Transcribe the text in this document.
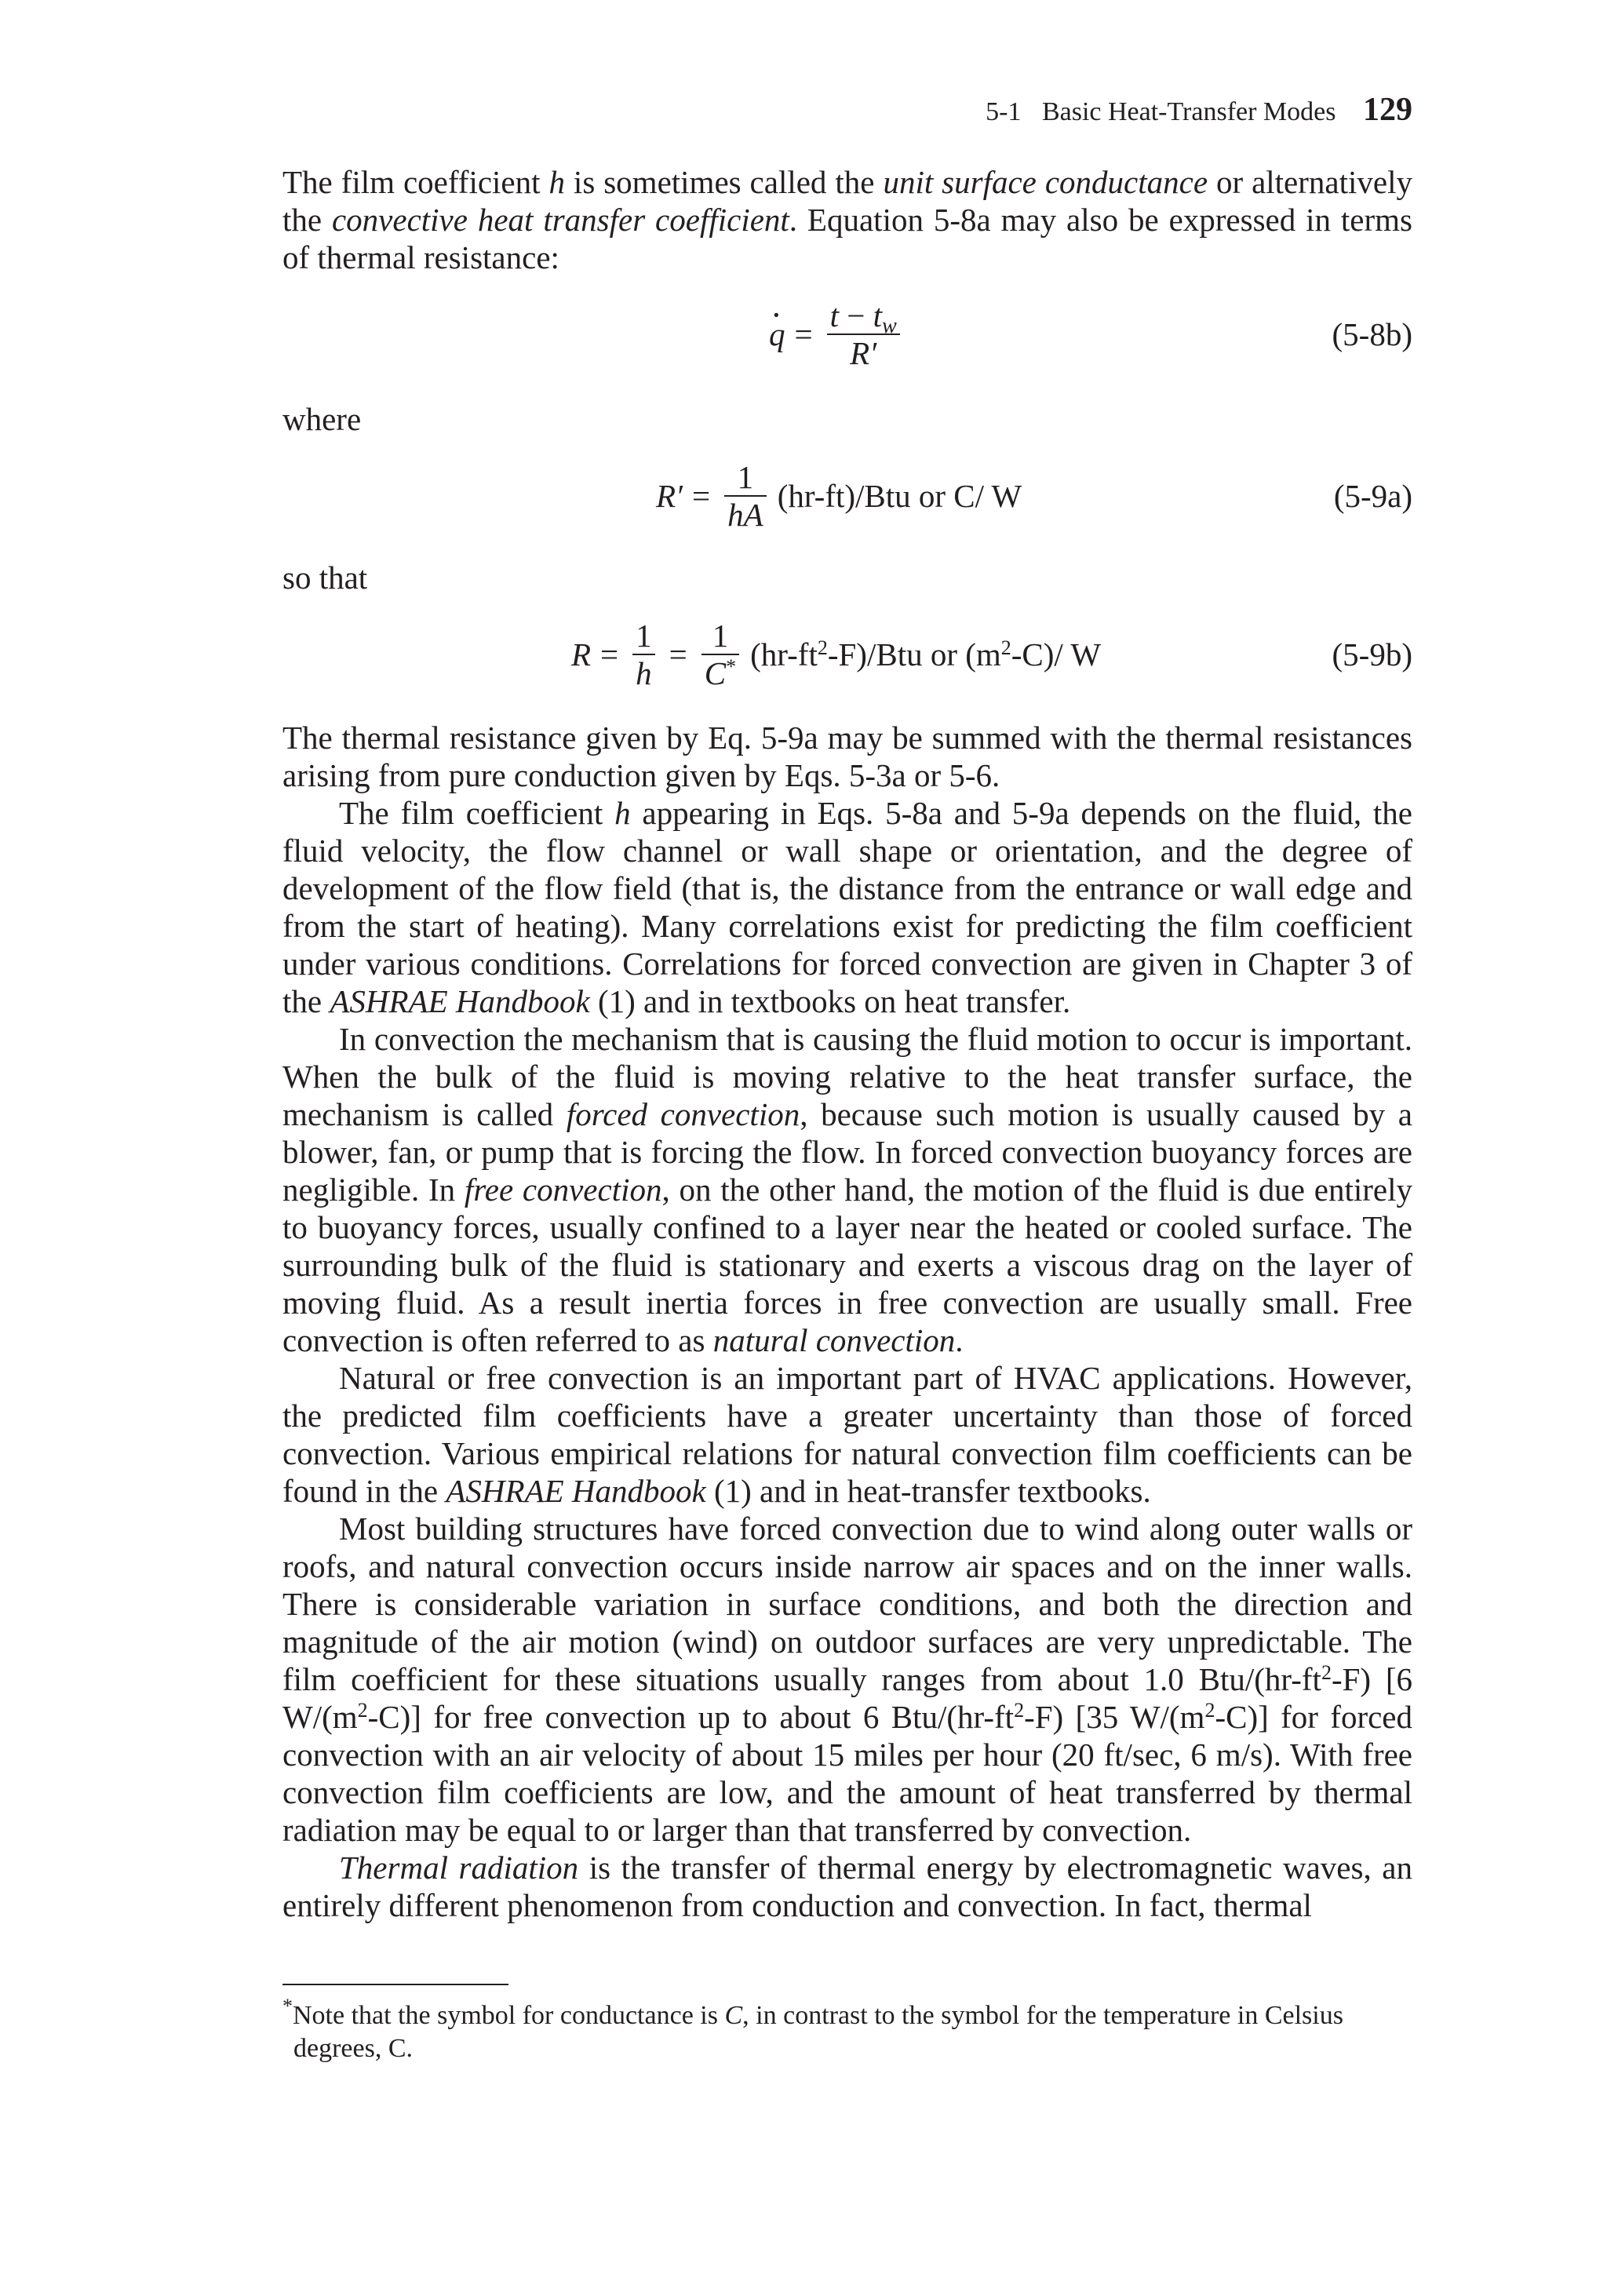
5-1 Basic Heat-Transfer Modes 129

The film coefficient h is sometimes called the unit surface conductance or alternatively the convective heat transfer coefficient. Equation 5-8a may also be expressed in terms of thermal resistance:

· $q = \frac{t - t_w}{R'}$	(5-8b)
where
$R' = \frac{1}{hA} (hr-ft)/Btu$ or C/ W	(5-9a)
so that
$R = \frac{1}{h} = \frac{1}{C^*} (hr-ft^2-F)/Btu$ or $(m^2-C)/$ W	(5-9b)

The thermal resistance given by Eq. 5-9a may be summed with the thermal resistances arising from pure conduction given by Eqs. 5-3a or 5-6.

The film coefficient h appearing in Eqs. 5-8a and 5-9a depends on the fluid, the fluid velocity, the flow channel or wall shape or orientation, and the degree of development of the flow field (that is, the distance from the entrance or wall edge and from the start of heating). Many correlations exist for predicting the film coefficient under various conditions. Correlations for forced convection are given in Chapter 3 of the ASHRAE Handbook (1) and in textbooks on heat transfer.

In convection the mechanism that is causing the fluid motion to occur is important. When the bulk of the fluid is moving relative to the heat transfer surface, the mechanism is called forced convection, because such motion is usually caused by a blower, fan, or pump that is forcing the flow. In forced convection buoyancy forces are negligible. In free convection, on the other hand, the motion of the fluid is due entirely to buoyancy forces, usually confined to a layer near the heated or cooled surface. The surrounding bulk of the fluid is stationary and exerts a viscous drag on the layer of moving fluid. As a result inertia forces in free convection are usually small. Free convection is often referred to as natural convection.

Natural or free convection is an important part of HVAC applications. However, the predicted film coefficients have a greater uncertainty than those of forced convection. Various empirical relations for natural convection film coefficients can be found in the ASHRAE Handbook (1) and in heat-transfer textbooks.

Most building structures have forced convection due to wind along outer walls or roofs, and natural convection occurs inside narrow air spaces and on the inner walls. There is considerable variation in surface conditions, and both the direction and magnitude of the air motion (wind) on outdoor surfaces are very unpredictable. The film coefficient for these situations usually ranges from about 1.0 Btu/$(hr-ft^2-F)$ [6 $W/(m^2-C)$] for free convection up to about 6 Btu/$(hr-ft^2-F)$ [35 $W/(m^2-C)$] for forced convection with an air velocity of about 15 miles per hour (20 ft/sec, 6 m/s). With free convection film coefficients are low, and the amount of heat transferred by thermal radiation may be equal to or larger than that transferred by convection.

Thermal radiation is the transfer of thermal energy by electromagnetic waves, an entirely different phenomenon from conduction and convection. In fact, thermal

*Note that the symbol for conductance is C, in contrast to the symbol for the temperature in Celsius
degrees, C.
